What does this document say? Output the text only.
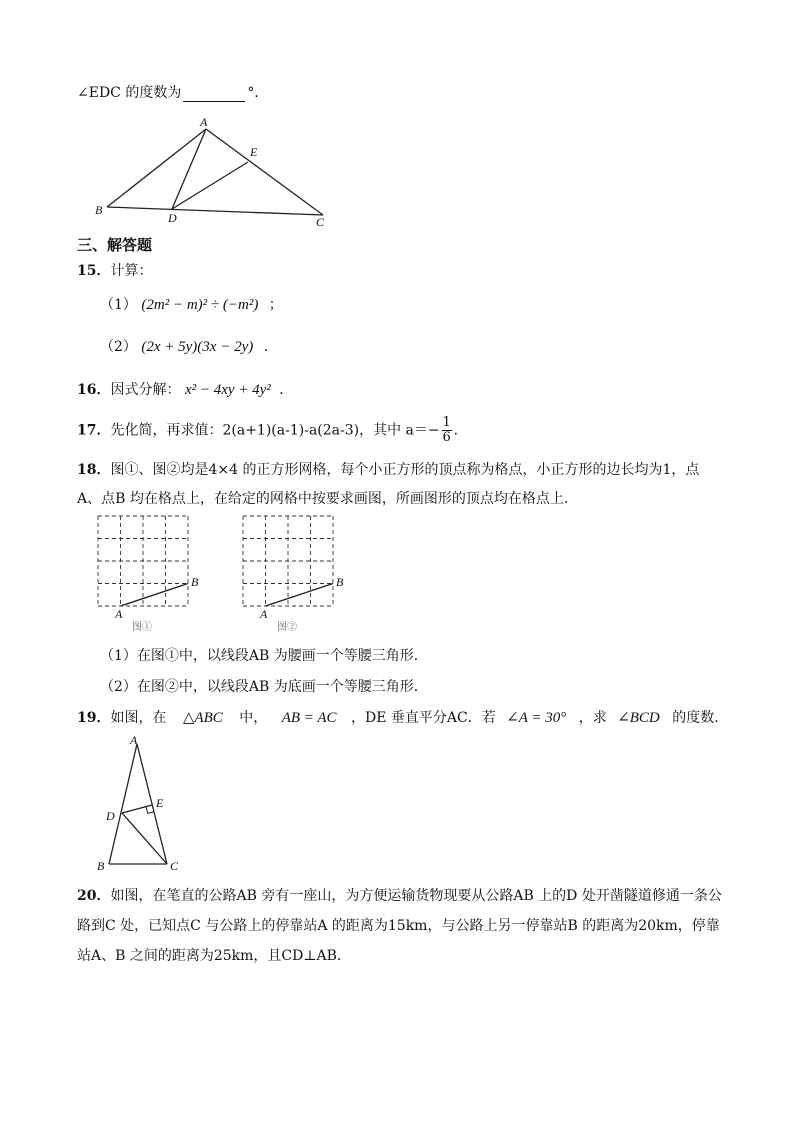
∠EDC 的度数为	°．
A
B
C
D
E
三、解答题
15．计算：
（1） (2m² − m)² ÷ (−m²) ；
（2） (2x + 5y)(3x − 2y) ．
16．因式分解： x² − 4xy + 4y² ．
17．先化简，再求值：2(a+1)(a-1)-a(2a-3)，其中 $a=- \frac{1}{6}$ ．
18．图①、图②均是4×4 的正方形网格，每个小正方形的顶点称为格点，小正方形的边长均为1，点
A、点B 均在格点上，在给定的网格中按要求画图，所画图形的顶点均在格点上．
A
B
图①
A
B
图②
（1）在图①中，以线段AB 为腰画一个等腰三角形．
（2）在图②中，以线段AB 为底画一个等腰三角形．
19．如图，在 △ABC 中， AB = AC ，DE 垂直平分AC．若 ∠A = 30° ，求 ∠BCD 的度数．
A
B	C
D
E
20．如图，在笔直的公路AB 旁有一座山，为方便运输货物现要从公路AB 上的D 处开凿隧道修通一条公
路到C 处，已知点C 与公路上的停靠站A 的距离为15km，与公路上另一停靠站B 的距离为20km，停靠
站A、B 之间的距离为25km，且CD⊥AB．
